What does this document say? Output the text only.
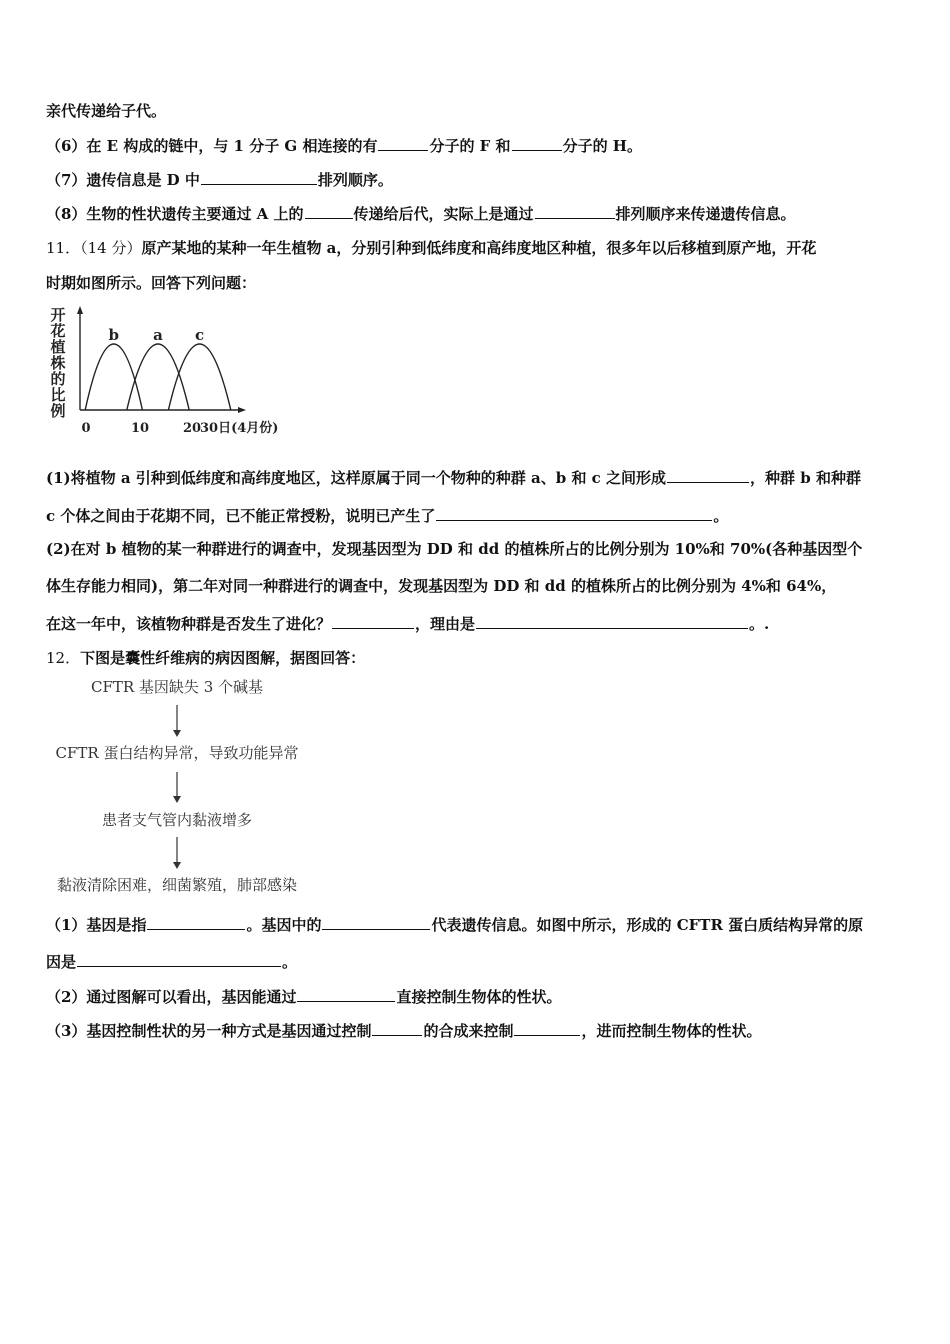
亲代传递给子代。
（6）在 E 构成的链中，与 1 分子 G 相连接的有	分子的 F 和	分子的 H。
（7）遗传信息是 D 中	排列顺序。
（8）生物的性状遗传主要通过 A 上的	传递给后代，实际上是通过	排列顺序来传递遗传信息。
11．（14 分）原产某地的某种一年生植物 a，分别引种到低纬度和高纬度地区种植，很多年以后移植到原产地，开花
时期如图所示。回答下列问题：
开
花
植
株
的
比
例
b a c
0	10	20
30日(4月份)
(1)将植物 a 引种到低纬度和高纬度地区，这样原属于同一个物种的种群 a、b 和 c 之间形成	，种群 b 和种群
c 个体之间由于花期不同，已不能正常授粉，说明已产生了	。
(2)在对 b 植物的某一种群进行的调查中，发现基因型为 DD 和 dd 的植株所占的比例分别为 10%和 70%(各种基因型个
体生存能力相同)，第二年对同一种群进行的调查中，发现基因型为 DD 和 dd 的植株所占的比例分别为 4%和 64%，
在这一年中，该植物种群是否发生了进化？	，理由是	。.
12．下图是囊性纤维病的病因图解，据图回答：
CFTR 基因缺失 3 个碱基
CFTR 蛋白结构异常，导致功能异常
患者支气管内黏液增多
黏液清除困难，细菌繁殖，肺部感染
（1）基因是指	。基因中的	代表遗传信息。如图中所示，形成的 CFTR 蛋白质结构异常的原
因是	。
（2）通过图解可以看出，基因能通过	直接控制生物体的性状。
（3）基因控制性状的另一种方式是基因通过控制	的合成来控制	，进而控制生物体的性状。
